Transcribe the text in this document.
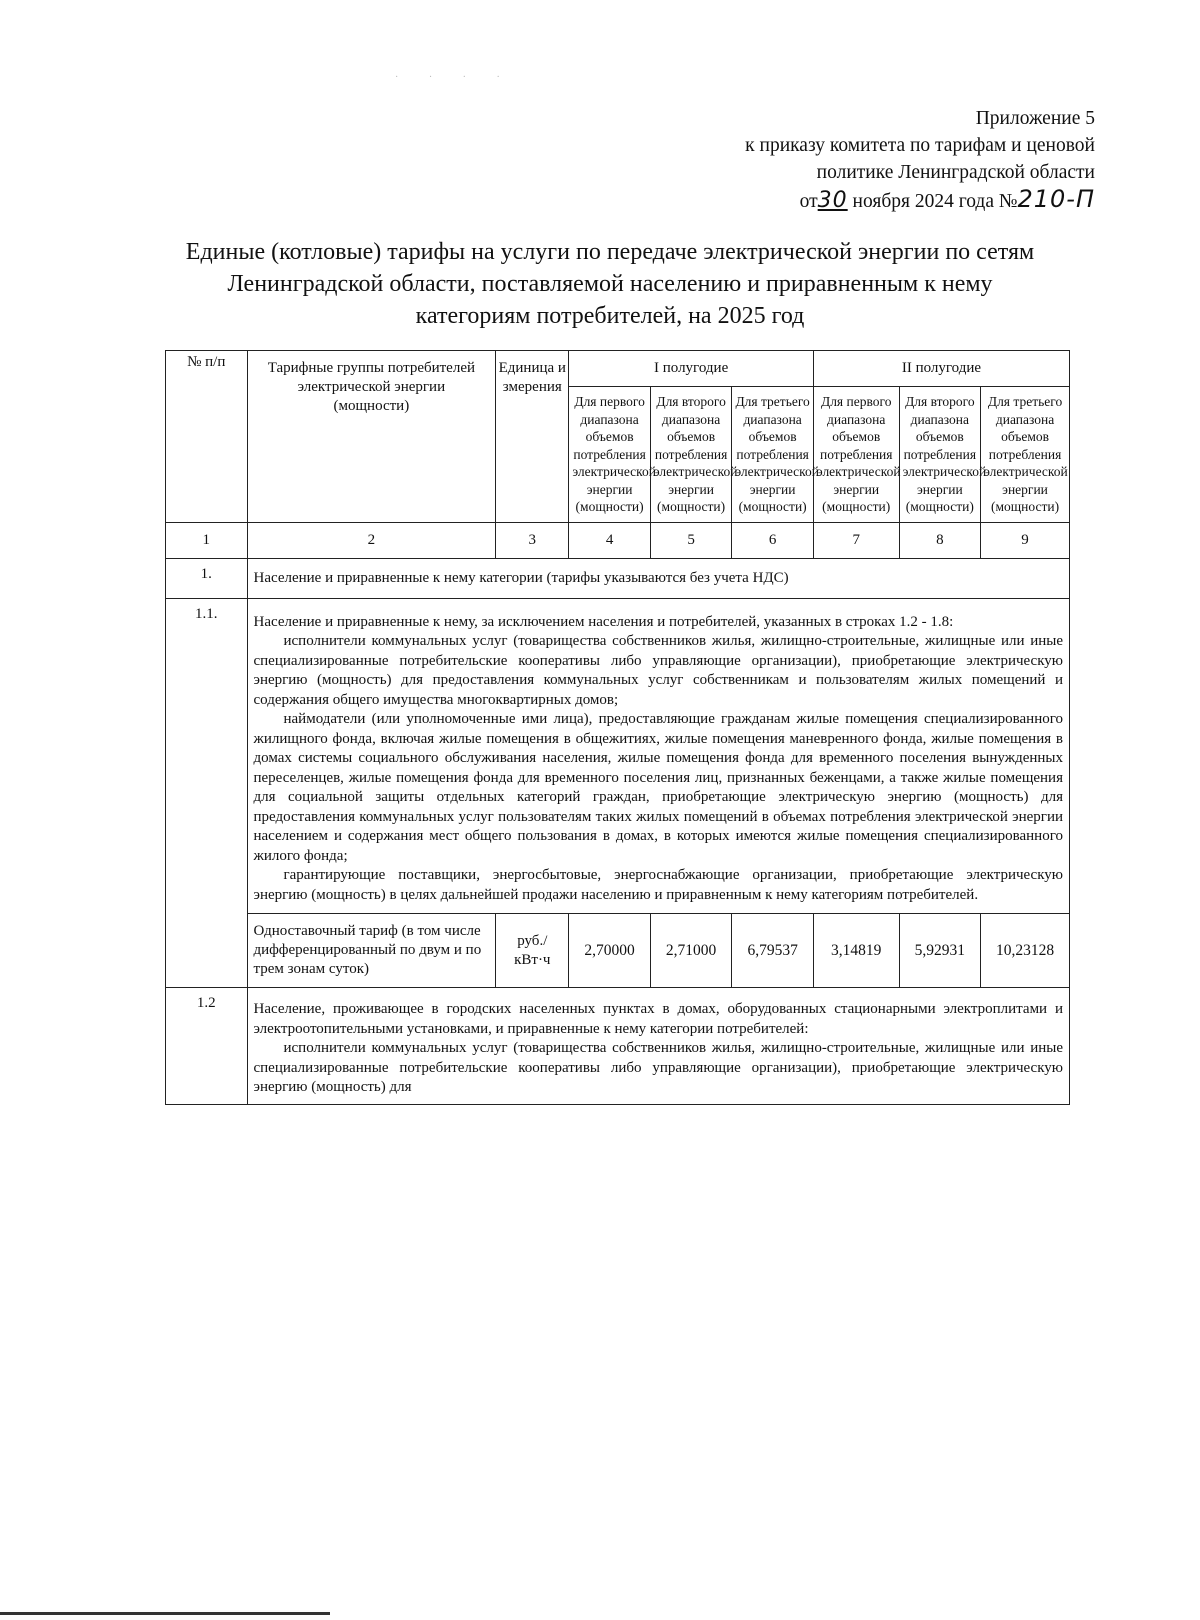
· · · ·
Приложение 5
к приказу комитета по тарифам и ценовой
политике Ленинградской области
от30 ноября 2024 года №210-П
Единые (котловые) тарифы на услуги по передаче электрической энергии по сетям
Ленинградской области, поставляемой населению и приравненным к нему
категориям потребителей, на 2025 год
№ п/п	Тарифные группы потребителей электрической энергии (мощности)	Единица измерения	I полугодие			II полугодие		
			Для первого диапазона объемов потребления электрической энергии (мощности)	Для второго диапазона объемов потребления электрической энергии (мощности)	Для третьего диапазона объемов потребления электрической энергии (мощности)	Для первого диапазона объемов потребления электрической энергии (мощности)	Для второго диапазона объемов потребления электрической энергии (мощности)	Для третьего диапазона объемов потребления электрической энергии (мощности)
1	2	3	4	5	6	7	8	9
1.	Население и приравненные к нему категории (тарифы указываются без учета НДС)							
1.1.	Население и приравненные к нему, за исключением населения и потребителей, указанных в строках 1.2 - 1.8:

исполнители коммунальных услуг (товарищества собственников жилья, жилищно-строительные, жилищные или иные специализированные потребительские кооперативы либо управляющие организации), приобретающие электрическую энергию (мощность) для предоставления коммунальных услуг собственникам и пользователям жилых помещений и содержания общего имущества многоквартирных домов;

наймодатели (или уполномоченные ими лица), предоставляющие гражданам жилые помещения специализированного жилищного фонда, включая жилые помещения в общежитиях, жилые помещения маневренного фонда, жилые помещения в домах системы социального обслуживания населения, жилые помещения фонда для временного поселения вынужденных переселенцев, жилые помещения фонда для временного поселения лиц, признанных беженцами, а также жилые помещения для социальной защиты отдельных категорий граждан, приобретающие электрическую энергию (мощность) для предоставления коммунальных услуг пользователям таких жилых помещений в объемах потребления электрической энергии населением и содержания мест общего пользования в домах, в которых имеются жилые помещения специализированного жилого фонда;

гарантирующие поставщики, энергосбытовые, энергоснабжающие организации, приобретающие электрическую энергию (мощность) в целях дальнейшей продажи населению и приравненным к нему категориям потребителей.							

	Одноставочный тариф (в том числе дифференцированный по двум и по трем зонам суток)	руб./ кВт·ч	2,70000	2,71000	6,79537	3,14819	5,92931	10,23128
1.2	Население, проживающее в городских населенных пунктах в домах, оборудованных стационарными электроплитами и электроотопительными установками, и приравненные к нему категории потребителей:

исполнители коммунальных услуг (товарищества собственников жилья, жилищно-строительные, жилищные или иные специализированные потребительские кооперативы либо управляющие организации), приобретающие электрическую энергию (мощность) для							
